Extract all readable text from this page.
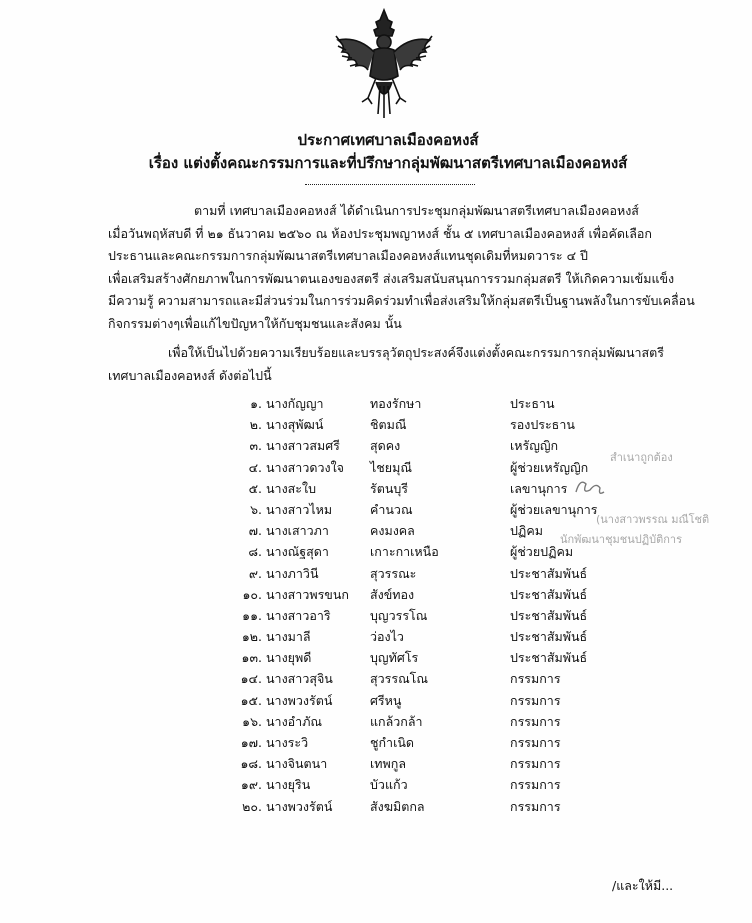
ประกาศเทศบาลเมืองคอหงส์
เรื่อง แต่งตั้งคณะกรรมการและที่ปรึกษากลุ่มพัฒนาสตรีเทศบาลเมืองคอหงส์
ตามที่ เทศบาลเมืองคอหงส์ ได้ดำเนินการประชุมกลุ่มพัฒนาสตรีเทศบาลเมืองคอหงส์
เมื่อวันพฤหัสบดี ที่ ๒๑ ธันวาคม ๒๕๖๐ ณ ห้องประชุมพญาหงส์ ชั้น ๕ เทศบาลเมืองคอหงส์ เพื่อคัดเลือก
ประธานและคณะกรรมการกลุ่มพัฒนาสตรีเทศบาลเมืองคอหงส์แทนชุดเดิมที่หมดวาระ ๔ ปี
เพื่อเสริมสร้างศักยภาพในการพัฒนาตนเองของสตรี ส่งเสริมสนับสนุนการรวมกลุ่มสตรี ให้เกิดความเข้มแข็ง
มีความรู้ ความสามารถและมีส่วนร่วมในการร่วมคิดร่วมทำเพื่อส่งเสริมให้กลุ่มสตรีเป็นฐานพลังในการขับเคลื่อน
กิจกรรมต่างๆเพื่อแก้ไขปัญหาให้กับชุมชนและสังคม นั้น
เพื่อให้เป็นไปด้วยความเรียบร้อยและบรรลุวัตถุประสงค์จึงแต่งตั้งคณะกรรมการกลุ่มพัฒนาสตรี
เทศบาลเมืองคอหงส์ ดังต่อไปนี้
๑. นางกัญญา	ทองรักษา	ประธาน
๒. นางสุพัฒน์	ชิตมณี	รองประธาน
๓. นางสาวสมศรี สุดคง	เหรัญญิก
๔. นางสาวดวงใจ ไชยมุณี	ผู้ช่วยเหรัญญิก
๕. นางสะใบ	รัตนบุรี	เลขานุการ
๖. นางสาวไหม	คำนวณ	ผู้ช่วยเลขานุการ
๗. นางเสาวภา	คงมงคล	ปฏิคม
๘. นางณัฐสุดา	เกาะกาเหนือ	ผู้ช่วยปฏิคม
๙. นางภาวินี	สุวรรณะ	ประชาสัมพันธ์
๑๐. นางสาวพรขนก สังข์ทอง	ประชาสัมพันธ์
๑๑. นางสาวอาริ	บุญวรรโณ	ประชาสัมพันธ์
๑๒. นางมาลี	ว่องไว	ประชาสัมพันธ์
๑๓. นางยุพดี	บุญทัศโร	ประชาสัมพันธ์
๑๔. นางสาวสุจิน	สุวรรณโณ	กรรมการ
๑๕. นางพวงรัตน์	ศรีหนู	กรรมการ
๑๖. นางอำภัณ	แกล้วกล้า	กรรมการ
๑๗. นางระวิ	ชูกำเนิด	กรรมการ
๑๘. นางจินตนา	เทพกูล	กรรมการ
๑๙. นางยุริน	บัวแก้ว	กรรมการ
๒๐. นางพวงรัตน์	สังฆมิตกล	กรรมการ
สำเนาถูกต้อง
(นางสาวพรรณ มณีโชติ
นักพัฒนาชุมชนปฏิบัติการ
/และให้มี...
